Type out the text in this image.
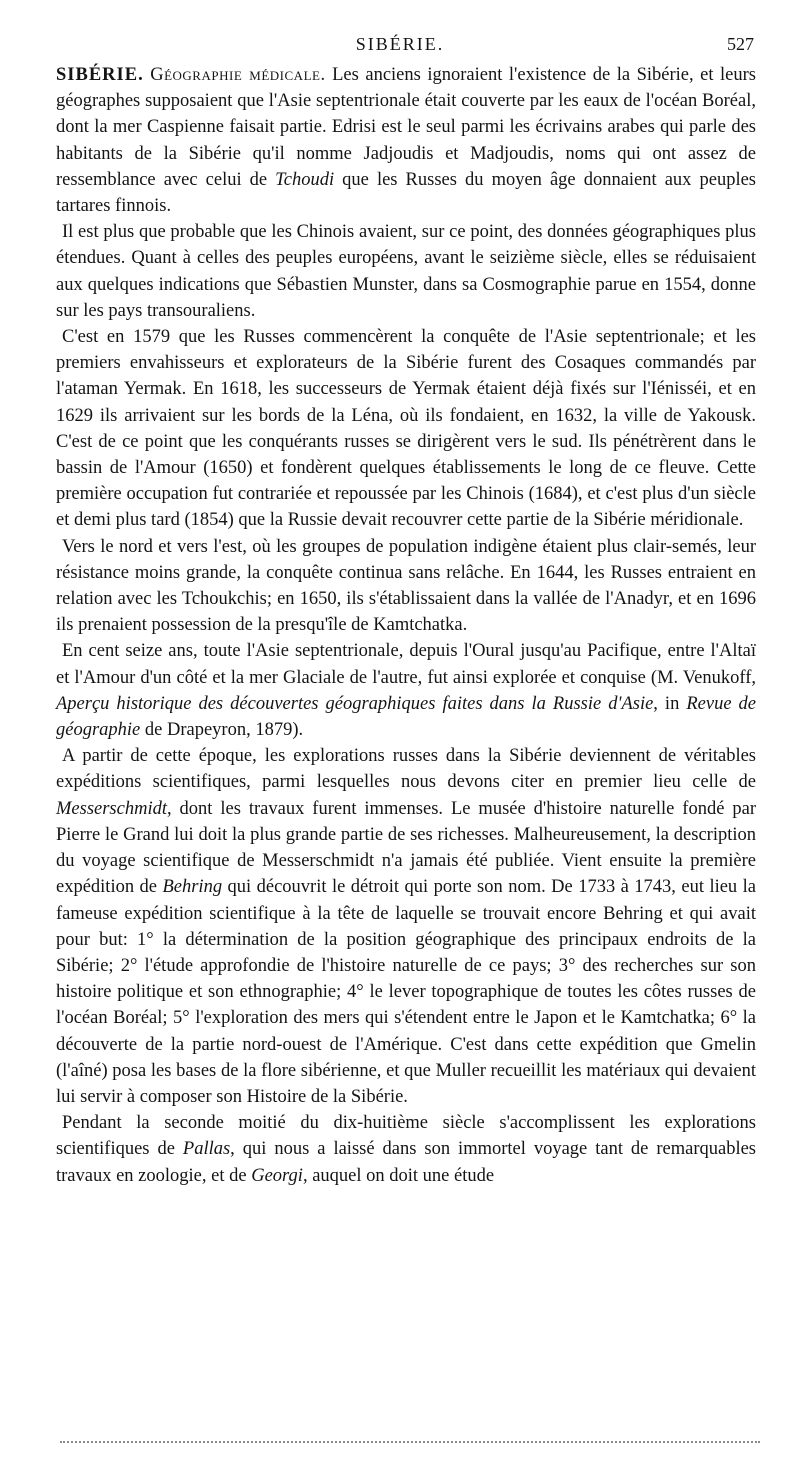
SIBÉRIE.	527

SIBÉRIE. Géographie médicale. Les anciens ignoraient l'existence de la Sibérie, et leurs géographes supposaient que l'Asie septentrionale était couverte par les eaux de l'océan Boréal, dont la mer Caspienne faisait partie. Edrisi est le seul parmi les écrivains arabes qui parle des habitants de la Sibérie qu'il nomme Jadjoudis et Madjoudis, noms qui ont assez de ressemblance avec celui de Tchoudi que les Russes du moyen âge donnaient aux peuples tartares finnois.

Il est plus que probable que les Chinois avaient, sur ce point, des données géographiques plus étendues. Quant à celles des peuples européens, avant le seizième siècle, elles se réduisaient aux quelques indications que Sébastien Munster, dans sa Cosmographie parue en 1554, donne sur les pays transouraliens.

C'est en 1579 que les Russes commencèrent la conquête de l'Asie septentrionale; et les premiers envahisseurs et explorateurs de la Sibérie furent des Cosaques commandés par l'ataman Yermak. En 1618, les successeurs de Yermak étaient déjà fixés sur l'Iénisséi, et en 1629 ils arrivaient sur les bords de la Léna, où ils fondaient, en 1632, la ville de Yakousk. C'est de ce point que les conquérants russes se dirigèrent vers le sud. Ils pénétrèrent dans le bassin de l'Amour (1650) et fondèrent quelques établissements le long de ce fleuve. Cette première occupation fut contrariée et repoussée par les Chinois (1684), et c'est plus d'un siècle et demi plus tard (1854) que la Russie devait recouvrer cette partie de la Sibérie méridionale.

Vers le nord et vers l'est, où les groupes de population indigène étaient plus clair-semés, leur résistance moins grande, la conquête continua sans relâche. En 1644, les Russes entraient en relation avec les Tchoukchis; en 1650, ils s'établissaient dans la vallée de l'Anadyr, et en 1696 ils prenaient possession de la presqu'île de Kamtchatka.

En cent seize ans, toute l'Asie septentrionale, depuis l'Oural jusqu'au Pacifique, entre l'Altaï et l'Amour d'un côté et la mer Glaciale de l'autre, fut ainsi explorée et conquise (M. Venukoff, Aperçu historique des découvertes géographiques faites dans la Russie d'Asie, in Revue de géographie de Drapeyron, 1879).

A partir de cette époque, les explorations russes dans la Sibérie deviennent de véritables expéditions scientifiques, parmi lesquelles nous devons citer en premier lieu celle de Messerschmidt, dont les travaux furent immenses. Le musée d'histoire naturelle fondé par Pierre le Grand lui doit la plus grande partie de ses richesses. Malheureusement, la description du voyage scientifique de Messerschmidt n'a jamais été publiée. Vient ensuite la première expédition de Behring qui découvrit le détroit qui porte son nom. De 1733 à 1743, eut lieu la fameuse expédition scientifique à la tête de laquelle se trouvait encore Behring et qui avait pour but: 1° la détermination de la position géographique des principaux endroits de la Sibérie; 2° l'étude approfondie de l'histoire naturelle de ce pays; 3° des recherches sur son histoire politique et son ethnographie; 4° le lever topographique de toutes les côtes russes de l'océan Boréal; 5° l'exploration des mers qui s'étendent entre le Japon et le Kamtchatka; 6° la découverte de la partie nord-ouest de l'Amérique. C'est dans cette expédition que Gmelin (l'aîné) posa les bases de la flore sibérienne, et que Muller recueillit les matériaux qui devaient lui servir à composer son Histoire de la Sibérie.

Pendant la seconde moitié du dix-huitième siècle s'accomplissent les explorations scientifiques de Pallas, qui nous a laissé dans son immortel voyage tant de remarquables travaux en zoologie, et de Georgi, auquel on doit une étude
